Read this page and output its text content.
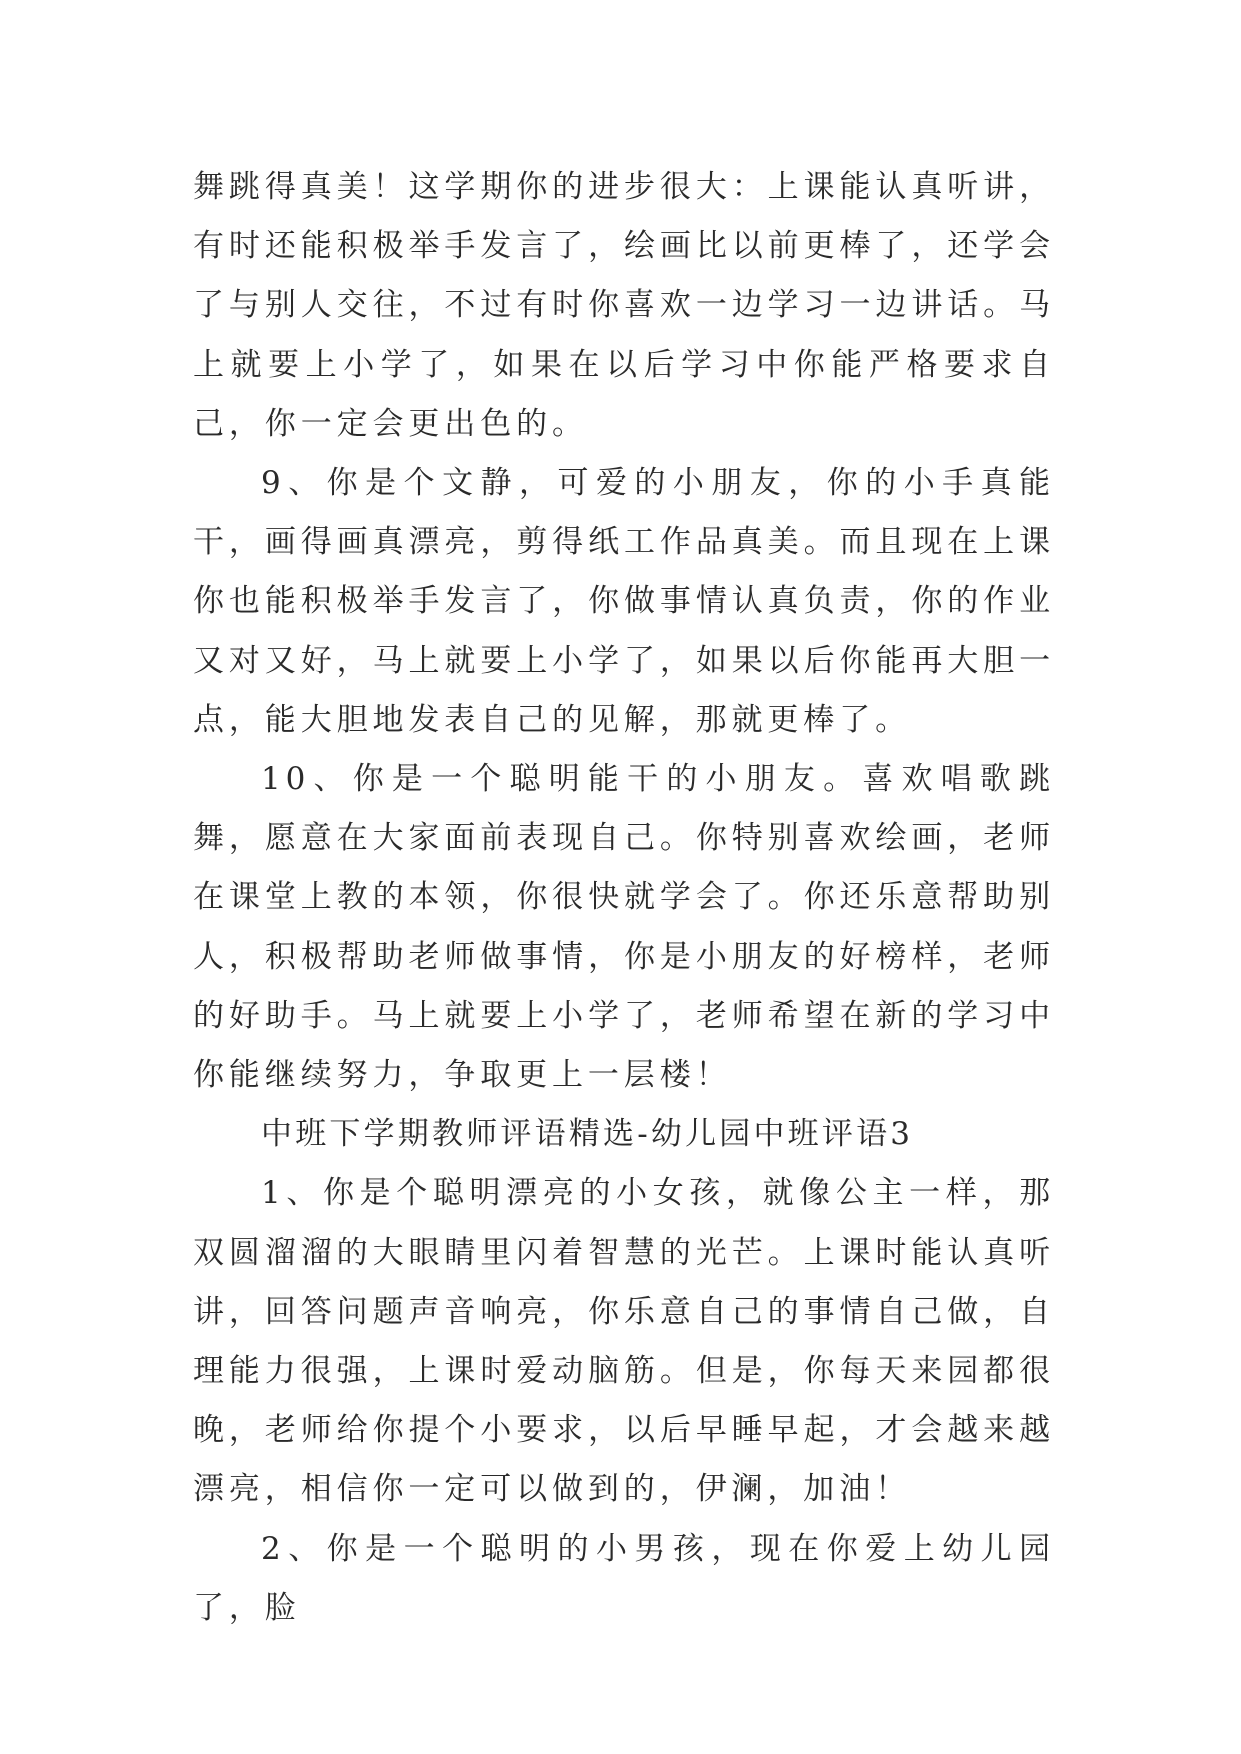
舞跳得真美！这学期你的进步很大：上课能认真听讲，有时还能积极举手发言了，绘画比以前更棒了，还学会了与别人交往，不过有时你喜欢一边学习一边讲话。马上就要上小学了，如果在以后学习中你能严格要求自己，你一定会更出色的。

9、你是个文静，可爱的小朋友，你的小手真能干，画得画真漂亮，剪得纸工作品真美。而且现在上课你也能积极举手发言了，你做事情认真负责，你的作业又对又好，马上就要上小学了，如果以后你能再大胆一点，能大胆地发表自己的见解，那就更棒了。

10、你是一个聪明能干的小朋友。喜欢唱歌跳舞，愿意在大家面前表现自己。你特别喜欢绘画，老师在课堂上教的本领，你很快就学会了。你还乐意帮助别人，积极帮助老师做事情，你是小朋友的好榜样，老师的好助手。马上就要上小学了，老师希望在新的学习中你能继续努力，争取更上一层楼！

中班下学期教师评语精选-幼儿园中班评语3

1、你是个聪明漂亮的小女孩，就像公主一样，那双圆溜溜的大眼睛里闪着智慧的光芒。上课时能认真听讲，回答问题声音响亮，你乐意自己的事情自己做，自理能力很强，上课时爱动脑筋。但是，你每天来园都很晚，老师给你提个小要求，以后早睡早起，才会越来越漂亮，相信你一定可以做到的，伊澜，加油！

2、你是一个聪明的小男孩，现在你爱上幼儿园了，脸
